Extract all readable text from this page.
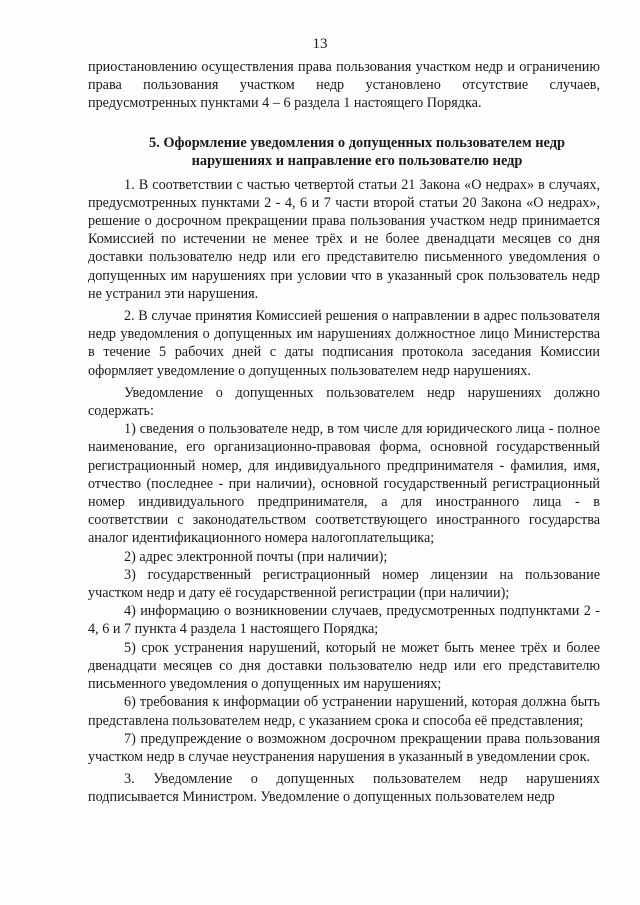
13

приостановлению осуществления права пользования участком недр и ограничению права пользования участком недр установлено отсутствие случаев, предусмотренных пунктами 4 – 6 раздела 1 настоящего Порядка.

5. Оформление уведомления о допущенных пользователем недр нарушениях и направление его пользователю недр

1. В соответствии с частью четвертой статьи 21 Закона «О недрах» в случаях, предусмотренных пунктами 2 - 4, 6 и 7 части второй статьи 20 Закона «О недрах», решение о досрочном прекращении права пользования участком недр принимается Комиссией по истечении не менее трёх и не более двенадцати месяцев со дня доставки пользователю недр или его представителю письменного уведомления о допущенных им нарушениях при условии что в указанный срок пользователь недр не устранил эти нарушения.

2. В случае принятия Комиссией решения о направлении в адрес пользователя недр уведомления о допущенных им нарушениях должностное лицо Министерства в течение 5 рабочих дней с даты подписания протокола заседания Комиссии оформляет уведомление о допущенных пользователем недр нарушениях.

Уведомление о допущенных пользователем недр нарушениях должно содержать:

1) сведения о пользователе недр, в том числе для юридического лица - полное наименование, его организационно-правовая форма, основной государственный регистрационный номер, для индивидуального предпринимателя - фамилия, имя, отчество (последнее - при наличии), основной государственный регистрационный номер индивидуального предпринимателя, а для иностранного лица - в соответствии с законодательством соответствующего иностранного государства аналог идентификационного номера налогоплательщика;

2) адрес электронной почты (при наличии);

3) государственный регистрационный номер лицензии на пользование участком недр и дату её государственной регистрации (при наличии);

4) информацию о возникновении случаев, предусмотренных подпунктами 2 - 4, 6 и 7 пункта 4 раздела 1 настоящего Порядка;

5) срок устранения нарушений, который не может быть менее трёх и более двенадцати месяцев со дня доставки пользователю недр или его представителю письменного уведомления о допущенных им нарушениях;

6) требования к информации об устранении нарушений, которая должна быть представлена пользователем недр, с указанием срока и способа её представления;

7) предупреждение о возможном досрочном прекращении права пользования участком недр в случае неустранения нарушения в указанный в уведомлении срок.

3. Уведомление о допущенных пользователем недр нарушениях подписывается Министром. Уведомление о допущенных пользователем недр
